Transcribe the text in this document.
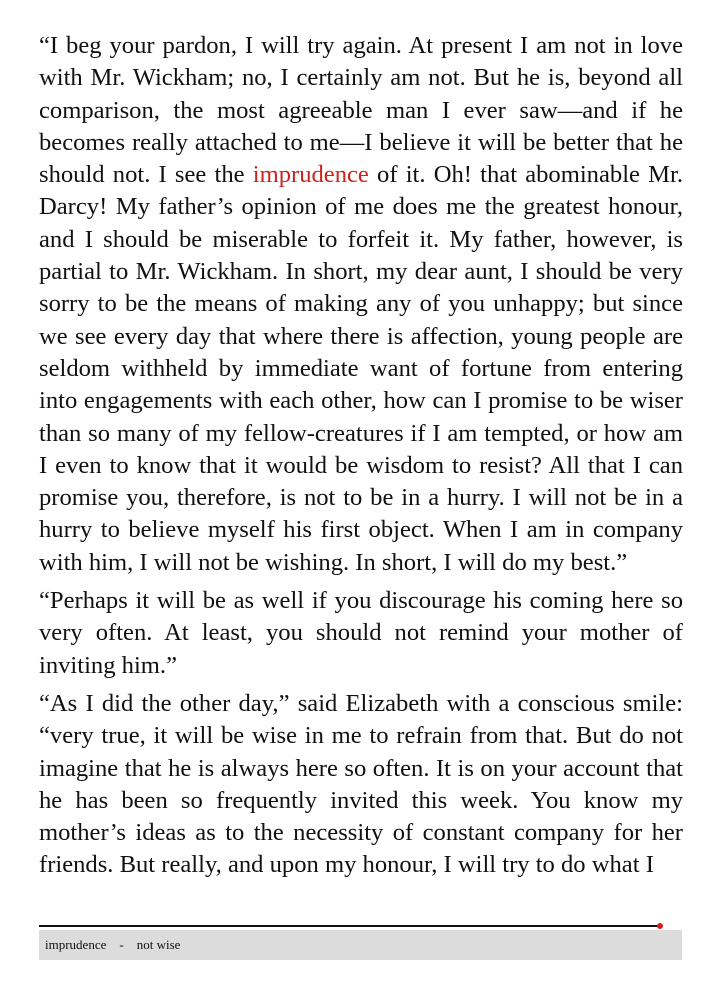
“I beg your pardon, I will try again. At present I am not in love with Mr. Wickham; no, I certainly am not. But he is, beyond all comparison, the most agreeable man I ever saw—and if he becomes really attached to me—I believe it will be better that he should not. I see the imprudence of it. Oh! that abominable Mr. Darcy! My father’s opinion of me does me the greatest honour, and I should be miserable to forfeit it. My father, however, is partial to Mr. Wickham. In short, my dear aunt, I should be very sorry to be the means of making any of you unhappy; but since we see every day that where there is affection, young people are seldom withheld by immediate want of fortune from entering into engagements with each other, how can I promise to be wiser than so many of my fellow-creatures if I am tempted, or how am I even to know that it would be wisdom to resist? All that I can promise you, therefore, is not to be in a hurry. I will not be in a hurry to believe myself his first object. When I am in company with him, I will not be wishing. In short, I will do my best.”

“Perhaps it will be as well if you discourage his coming here so very often. At least, you should not remind your mother of inviting him.”

“As I did the other day,” said Elizabeth with a conscious smile: “very true, it will be wise in me to refrain from that. But do not imagine that he is always here so often. It is on your account that he has been so frequently invited this week. You know my mother’s ideas as to the necessity of constant company for her friends. But really, and upon my honour, I will try to do what I

imprudence - not wise
